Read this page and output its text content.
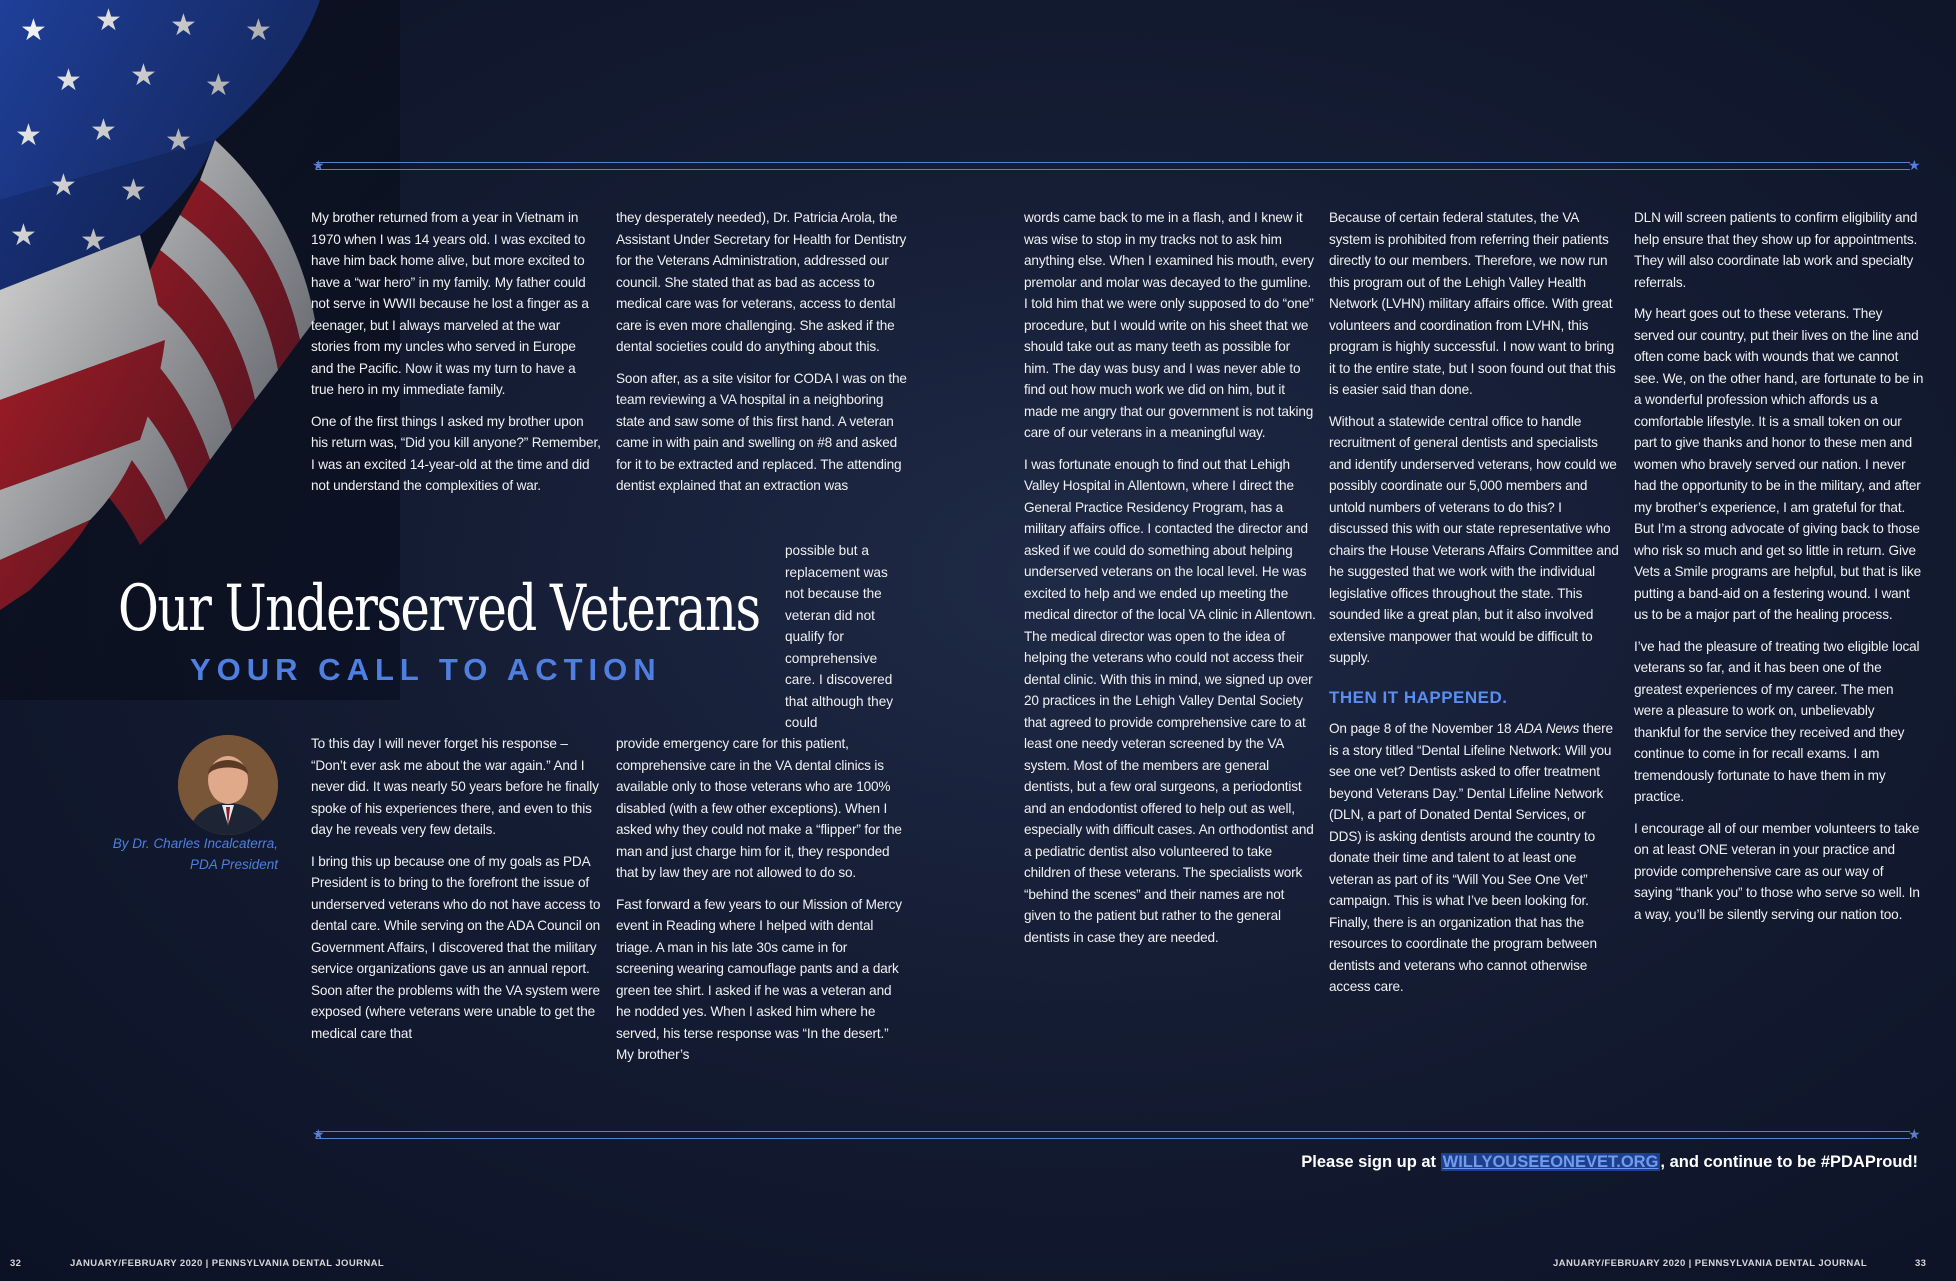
★	★
★	★
Our Underserved Veterans
YOUR CALL TO ACTION
By Dr. Charles Incalcaterra,
PDA President

My brother returned from a year in Vietnam in 1970 when I was 14 years old. I was excited to have him back home alive, but more excited to have a “war hero” in my family. My father could not serve in WWII because he lost a finger as a teenager, but I always marveled at the war stories from my uncles who served in Europe and the Pacific. Now it was my turn to have a true hero in my immediate family.

One of the first things I asked my brother upon his return was, “Did you kill anyone?” Remember, I was an excited 14-year-old at the time and did not understand the complexities of war.

To this day I will never forget his response – “Don’t ever ask me about the war again.” And I never did. It was nearly 50 years before he finally spoke of his experiences there, and even to this day he reveals very few details.

I bring this up because one of my goals as PDA President is to bring to the forefront the issue of underserved veterans who do not have access to dental care. While serving on the ADA Council on Government Affairs, I discovered that the military service organizations gave us an annual report. Soon after the problems with the VA system were exposed (where veterans were unable to get the medical care that

they desperately needed), Dr. Patricia Arola, the Assistant Under Secretary for Health for Dentistry for the Veterans Administration, addressed our council. She stated that as bad as access to medical care was for veterans, access to dental care is even more challenging. She asked if the dental societies could do anything about this.

Soon after, as a site visitor for CODA I was on the team reviewing a VA hospital in a neighboring state and saw some of this first hand. A veteran came in with pain and swelling on #8 and asked for it to be extracted and replaced. The attending dentist explained that an extraction was

possible but a replacement was not because the veteran did not qualify for comprehensive care. I discovered that although they could

provide emergency care for this patient, comprehensive care in the VA dental clinics is available only to those veterans who are 100% disabled (with a few other exceptions). When I asked why they could not make a “flipper” for the man and just charge him for it, they responded that by law they are not allowed to do so.

Fast forward a few years to our Mission of Mercy event in Reading where I helped with dental triage. A man in his late 30s came in for screening wearing camouflage pants and a dark green tee shirt. I asked if he was a veteran and he nodded yes. When I asked him where he served, his terse response was “In the desert.” My brother’s

words came back to me in a flash, and I knew it was wise to stop in my tracks not to ask him anything else. When I examined his mouth, every premolar and molar was decayed to the gumline. I told him that we were only supposed to do “one” procedure, but I would write on his sheet that we should take out as many teeth as possible for him. The day was busy and I was never able to find out how much work we did on him, but it made me angry that our government is not taking care of our veterans in a meaningful way.

I was fortunate enough to find out that Lehigh Valley Hospital in Allentown, where I direct the General Practice Residency Program, has a military affairs office. I contacted the director and asked if we could do something about helping underserved veterans on the local level. He was excited to help and we ended up meeting the medical director of the local VA clinic in Allentown. The medical director was open to the idea of helping the veterans who could not access their dental clinic. With this in mind, we signed up over 20 practices in the Lehigh Valley Dental Society that agreed to provide comprehensive care to at least one needy veteran screened by the VA system. Most of the members are general dentists, but a few oral surgeons, a periodontist and an endodontist offered to help out as well, especially with difficult cases. An orthodontist and a pediatric dentist also volunteered to take children of these veterans. The specialists work “behind the scenes” and their names are not given to the patient but rather to the general dentists in case they are needed.

Because of certain federal statutes, the VA system is prohibited from referring their patients directly to our members. Therefore, we now run this program out of the Lehigh Valley Health Network (LVHN) military affairs office. With great volunteers and coordination from LVHN, this program is highly successful. I now want to bring it to the entire state, but I soon found out that this is easier said than done.

Without a statewide central office to handle recruitment of general dentists and specialists and identify underserved veterans, how could we possibly coordinate our 5,000 members and untold numbers of veterans to do this? I discussed this with our state representative who chairs the House Veterans Affairs Committee and he suggested that we work with the individual legislative offices throughout the state. This sounded like a great plan, but it also involved extensive manpower that would be difficult to supply.

THEN IT HAPPENED.

On page 8 of the November 18 ADA News there is a story titled “Dental Lifeline Network: Will you see one vet? Dentists asked to offer treatment beyond Veterans Day.” Dental Lifeline Network (DLN, a part of Donated Dental Services, or DDS) is asking dentists around the country to donate their time and talent to at least one veteran as part of its “Will You See One Vet” campaign. This is what I’ve been looking for. Finally, there is an organization that has the resources to coordinate the program between dentists and veterans who cannot otherwise access care.

DLN will screen patients to confirm eligibility and help ensure that they show up for appointments. They will also coordinate lab work and specialty referrals.

My heart goes out to these veterans. They served our country, put their lives on the line and often come back with wounds that we cannot see. We, on the other hand, are fortunate to be in a wonderful profession which affords us a comfortable lifestyle. It is a small token on our part to give thanks and honor to these men and women who bravely served our nation. I never had the opportunity to be in the military, and after my brother’s experience, I am grateful for that. But I’m a strong advocate of giving back to those who risk so much and get so little in return. Give Vets a Smile programs are helpful, but that is like putting a band-aid on a festering wound. I want us to be a major part of the healing process.

I’ve had the pleasure of treating two eligible local veterans so far, and it has been one of the greatest experiences of my career. The men were a pleasure to work on, unbelievably thankful for the service they received and they continue to come in for recall exams. I am tremendously fortunate to have them in my practice.

I encourage all of our member volunteers to take on at least ONE veteran in your practice and provide comprehensive care as our way of saying “thank you” to those who serve so well. In a way, you’ll be silently serving our nation too.

Please sign up at WILLYOUSEEONEVET.ORG , and continue to be #PDAProud!
32	JANUARY/FEBRUARY 2020 | PENNSYLVANIA DENTAL JOURNAL	JANUARY/FEBRUARY 2020 | PENNSYLVANIA DENTAL JOURNAL	33
